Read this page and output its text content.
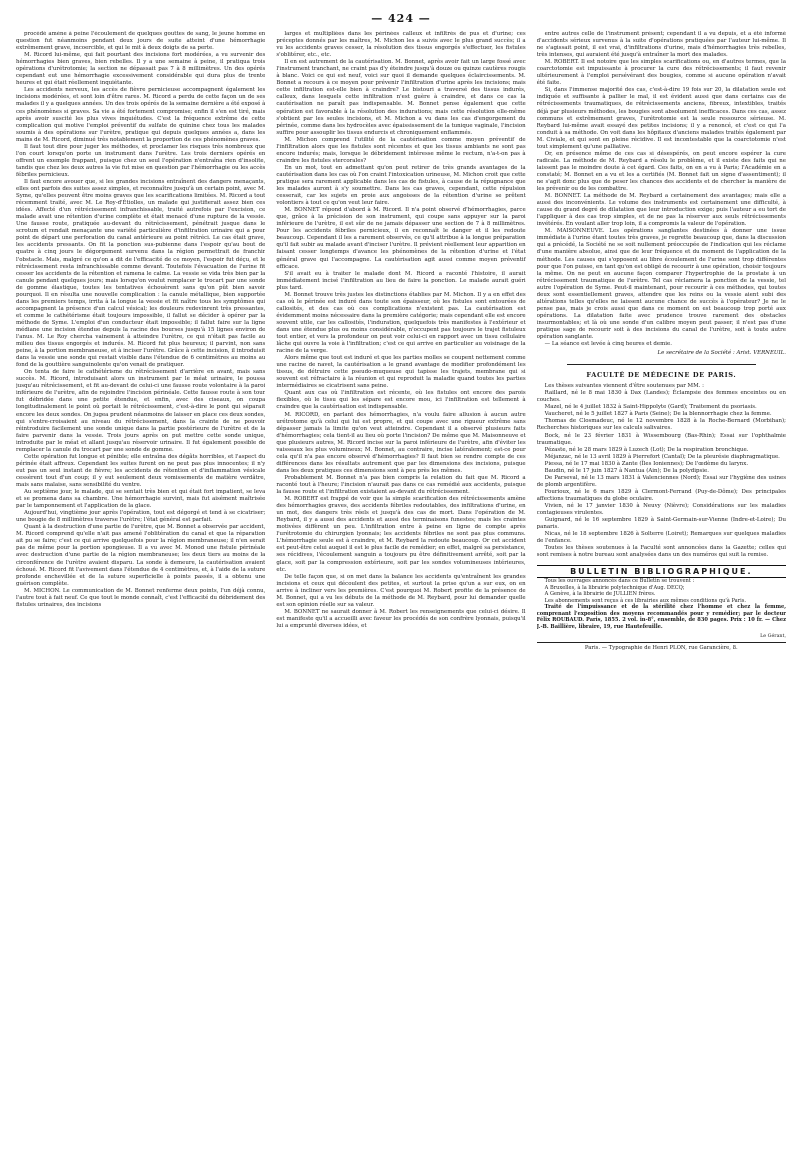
— 424 —

procédé amène à peine l'écoulement de quelques gouttes de sang, le jeune homme en question fut néanmoins pendant deux jours de suite atteint d'une hémorrhagie extrêmement grave, incoercible, et qui le mit à deux doigts de sa perte.

M. Ricord lui-même, qui fait pourtant des incisions fort modérées, a vu survenir des hémorrhagies bien graves, bien rebelles. Il y a une semaine à peine, il pratiqua trois opérations d'urétrotomie; la section ne dépassait pas 7 à 8 millimètres. Un des opérés cependant eut une hémorrhagie excessivement considérable qui dura plus de trente heures et qui était réellement inquiétante.

Les accidents nerveux, les accès de fièvre pernicieuse accompagnent également les incisions modérées, et sont loin d'être rares. M. Ricord a perdu de cette façon un de ses malades il y a quelques années. Un des trois opérés de la semaine dernière a été exposé à ces phénomènes si graves. Sa vie a été fortement compromise; enfin il s'en est tiré, mais après avoir suscité les plus vives inquiétudes. C'est la fréquence extrême de cette complication qui motive l'emploi préventif du sulfate de quinine chez tous les malades soumis à des opérations sur l'urètre, pratique qui depuis quelques années a, dans les mains de M. Ricord, diminué très notablement la proportion de ces phénomènes graves.

Il faut tout dire pour juger les méthodes, et proclamer les risques très nombreux que l'on court lorsqu'on porte un instrument dans l'urètre. Les trois derniers opérés en offrent un exemple frappant, puisque chez un seul l'opération n'entraîna rien d'insolite, tandis que chez les deux autres la vie fut mise en question par l'hémorrhagie ou les accès fébriles pernicieux.

Il faut encore avouer que, si les grandes incisions entraînent des dangers menaçants, elles ont parfois des suites assez simples, et reconnaître jusqu'à un certain point, avec M. Syme, qu'elles peuvent être moins graves que les scarifications limitées. M. Ricord a tout récemment traité, avec M. Le Roy-d'Étiolles, un malade qui justifierait assez bien ces idées. Affecté d'un rétrécissement infranchissable, traité autrefois par l'excision, ce malade avait une rétention d'urine complète et était menacé d'une rupture de la vessie. Une fausse route, pratiquée au-devant du rétrécissement, pénétrait jusque dans le scrotum et rendait menaçante une variété particulière d'infiltration urinaire qui a pour point de départ une perforation du canal antérieure au point rétréci. Le cas était grave, les accidents pressants. On fit la ponction sus-pubienne dans l'espoir qu'au bout de quatre à cinq jours le dégorgement survenu dans la région permettrait de franchir l'obstacle. Mais, malgré ce qu'on a dit de l'efficacité de ce moyen, l'espoir fut déçu, et le rétrécissement resta infranchissable comme devant. Toutefois l'évacuation de l'urine fit cesser les accidents de la rétention et ramena le calme. La vessie se vida très bien par la canule pendant quelques jours; mais lorsqu'on voulut remplacer le trocart par une sonde de gomme élastique, toutes les tentatives échouèrent sans qu'on pût bien savoir pourquoi. Il en résulta une nouvelle complication : la canule métallique, bien supportée dans les premiers temps, irrita à la longue la vessie et fit naître tous les symptômes qui accompagnent la présence d'un calcul vésical; les douleurs redevinrent très pressantes, et comme le cathétérisme était toujours impossible, il fallut se décider à opérer par la méthode de Syme. L'emploi d'un conducteur était impossible; il fallut faire sur la ligne médiane une incision étendue depuis la racine des bourses jusqu'à 15 lignes environ de l'anus. M. Le Roy chercha vainement à atteindre l'urètre, ce qui n'était pas facile au milieu des tissus engorgés et indurés. M. Ricord fut plus heureux; il parvint, non sans peine, à la portion membraneuse, et à inciser l'urètre. Grâce à cette incision, il introduisit dans la vessie une sonde qui restait visible dans l'étendue de 6 centimètres au moins au fond de la gouttière sanguinolente qu'on venait de pratiquer.

On tenta de faire le cathétérisme du rétrécissement d'arrière en avant, mais sans succès. M. Ricord, introduisant alors un instrument par le méat urinaire, le poussa jusqu'au rétrécissement, et fit au-devant de celui-ci une fausse route volontaire à la paroi inférieure de l'urètre, afin de rejoindre l'incision périnéale. Cette fausse route à son tour fut débridée dans une petite étendue, et enfin, avec des ciseaux, on coupa longitudinalement le point où portait le rétrécissement, c'est-à-dire le pont qui séparait encore les deux sondes. On jugea prudent néanmoins de laisser en place ces deux sondes, qui s'entre-croisaient au niveau du rétrécissement, dans la crainte de ne pouvoir réintroduire facilement une sonde unique dans la partie postérieure de l'urètre et de la faire parvenir dans la vessie. Trois jours après on put mettre cette sonde unique, introduite par le méat et allant jusqu'au réservoir urinaire. Il fut également possible de remplacer la canule du trocart par une sonde de gomme.

Cette opération fut longue et pénible; elle entraîna des dégâts horribles, et l'aspect du périnée était affreux. Cependant les suites furent on ne peut pas plus innocentes; il n'y eut pas un seul instant de fièvre; les accidents de rétention et d'inflammation vésicale cessèrent tout d'un coup; il y eut seulement deux vomissements de matière verdâtre, mais sans malaise, sans sensibilité du ventre.

Au septième jour, le malade, qui se sentait très bien et qui était fort impatient, se leva et se promena dans sa chambre. Une hémorrhagie survint, mais fut aisément maîtrisée par le tamponnement et l'application de la glace.

Aujourd'hui, vingtième jour après l'opération, tout est dégorgé et tend à se cicatriser; une bougie de 8 millimètres traverse l'urètre; l'état général est parfait.

Quant à la destruction d'une partie de l'urètre, que M. Bonnet a observée par accident, M. Ricord comprend qu'elle n'ait pas amené l'oblitération du canal et que la réparation ait pu se faire; c'est ce qui arrive quelquefois pour la région membraneuse; il n'en serait pas de même pour la portion spongieuse. Il a vu avec M. Monod une fistule périnéale avec destruction d'une partie de la région membraneuse; les deux tiers au moins de la circonférence de l'urètre avaient disparu. La sonde à demeure, la cautérisation avaient échoué. M. Ricord fit l'avivement dans l'étendue de 4 centimètres, et, à l'aide de la suture profonde enchevillée et de la suture superficielle à points passés, il a obtenu une guérison complète.

M. MICHON. Le communication de M. Bonnet renferme deux points, l'un déjà connu, l'autre tout à fait neuf. Ce que tout le monde connaît, c'est l'efficacité du débridement des fistules urinaires, des incisions

larges et multipliées dans les périnées calleux et infiltrés de pus et d'urine; ces préceptes donnés par les maîtres, M. Michon les a suivis avec le plus grand succès; il a vu les accidents graves cesser, la résolution des tissus engorgés s'effectuer, les fistules s'oblitérer, etc., etc.

Il en est autrement de la cautérisation. M. Bonnet, après avoir fait un large fossé avec l'instrument tranchant, ne craint pas d'y éteindre jusqu'à douze ou quinze cautères rougis à blanc. Voici ce qui est neuf, voici sur quoi il demande quelques éclaircissements. M. Bonnet a recours à ce moyen pour prévenir l'infiltration d'urine après les incisions; mais cette infiltration est-elle bien à craindre? Le bistouri a traversé des tissus indurés, calleux, dans lesquels cette infiltration n'est guère à craindre, et dans ce cas la cautérisation ne paraît pas indispensable. M. Bonnet pense également que cette opération est favorable à la résolution des indurations; mais cette résolution elle-même s'obtient par les seules incisions, et M. Michon a vu dans les cas d'engorgement du périnée, comme dans les hydrocèles avec épaississement de la tunique vaginale, l'incision suffire pour assouplir les tissus endurcis et chroniquement enflammés.

M. Michon comprend l'utilité de la cautérisation comme moyen préventif de l'infiltration alors que les fistules sont récentes et que les tissus ambiants ne sont pas encore indurés; mais, lorsque le débridement intéresse même le rectum, n'a-t-on pas à craindre les fistules stercorales?

En un mot, tout en admettant qu'on peut retirer de très grands avantages de la cautérisation dans les cas où l'on craint l'intoxication urineuse, M. Michon croit que cette pratique sera rarement applicable dans les cas de fistules, à cause de la répugnance que les malades auront à s'y soumettre. Dans les cas graves, cependant, cette répulsion cesserait, car les sujets en proie aux angoisses de la rétention d'urine se prêtent volontiers à tout ce qu'on veut leur faire.

M. BONNET répond d'abord à M. Ricord. Il n'a point observé d'hémorrhagies, parce que, grâce à la précision de son instrument, qui coupe sans appuyer sur la paroi inférieure de l'urètre, il est sûr de ne jamais dépasser une section de 7 à 8 millimètres. Pour les accidents fébriles pernicieux, il en reconnaît le danger et il les redoute beaucoup. Cependant il les a rarement observés, ce qu'il attribue à la longue préparation qu'il fait subir au malade avant d'inciser l'urètre. Il prévient réellement leur apparition en faisant cesser longtemps d'avance les phénomènes de la rétention d'urine et l'état général grave qui l'accompagne. La cautérisation agit aussi comme moyen préventif efficace.

S'il avait eu à traiter le malade dont M. Ricord a raconté l'histoire, il aurait immédiatement incisé l'infiltration au lieu de faire la ponction. Le malade aurait guéri plus tard.

M. Bonnet trouve très justes les distinctions établies par M. Michon. Il y a en effet des cas où le périnée est induré dans toute son épaisseur, où les fistules sont entourées de callosités, et des cas où ces complications n'existent pas. La cautérisation est évidemment moins nécessaire dans la première catégorie; mais cependant elle est encore souvent utile, car les callosités, l'induration, quelquefois très manifestes à l'extérieur et dans une étendue plus ou moins considérable, n'occupent pas toujours le trajet fistuleux tout entier, et vers la profondeur on peut voir celui-ci en rapport avec un tissu cellulaire lâche qui ouvre la voie à l'infiltration; c'est ce qui arrive en particulier au voisinage de la racine de la verge.

Alors même que tout est induré et que les parties molles se coupent nettement comme une racine de navet, la cautérisation a le grand avantage de modifier profondément les tissus, de détruire cette pseudo-muqueuse qui tapisse les trajets, membrane qui si souvent est réfractaire à la réunion et qui reproduit la maladie quand toutes les parties intermédiaires se cicatrisent sans peine.

Quant aux cas où l'infiltration est récente, où les fistules ont encore des parois flexibles, où le tissu qui les sépare est encore mou, ici l'infiltration est tellement à craindre que la cautérisation est indispensable.

M. RICORD, en parlant des hémorrhagies, n'a voulu faire allusion à aucun autre urétrotome qu'à celui qui lui est propre, et qui coupe avec une rigueur extrême sans dépasser jamais la limite qu'on veut atteindre. Cependant il a observé plusieurs faits d'hémorrhagies; cela tient-il au lieu où porte l'incision? De même que M. Maisonneuve et que plusieurs autres, M. Ricord incise sur la paroi inférieure de l'urètre, afin d'éviter les vaisseaux les plus volumineux; M. Bonnet, au contraire, incise latéralement; est-ce pour cela qu'il n'a pas encore observé d'hémorrhagies? Il faut bien se rendre compte de ces différences dans les résultats autrement que par les dimensions des incisions, puisque dans les deux pratiques ces dimensions sont à peu près les mêmes.

Probablement M. Bonnet n'a pas bien compris la relation du fait que M. Ricord a raconté tout à l'heure; l'incision n'aurait pas dans ce cas remédié aux accidents, puisque la fausse route et l'infiltration existaient au-devant du rétrécissement.

M. ROBERT est frappé de voir que la simple scarification des rétrécissements amène des hémorrhagies graves, des accidents fébriles redoutables, des infiltrations d'urine, en un mot, des dangers très réels et jusqu'à des cas de mort. Dans l'opération de M. Reybard, il y a aussi des accidents et aussi des terminaisons funestes; mais les craintes motivées diffèrent un peu. L'infiltration entre à peine en ligne de compte après l'urétrotomie du chirurgien lyonnais; les accidents fébriles ne sont pas plus communs. L'hémorrhagie seule est à craindre, et M. Reybard la redoute beaucoup. Or cet accident est peut-être celui auquel il est le plus facile de remédier; en effet, malgré sa persistance, ses récidives, l'écoulement sanguin a toujours pu être définitivement arrêté, soit par la glace, soit par la compression extérieure, soit par les sondes volumineuses intérieures, etc.

De telle façon que, si on met dans la balance les accidents qu'entraînent les grandes incisions et ceux qui découlent des petites, et surtout la prise qu'un a sur eux, on en arrive à incliner vers les premières. C'est pourquoi M. Robert profite de la présence de M. Bonnet, qui a vu les débuts de la méthode de M. Reybard, pour lui demander quelle est son opinion réelle sur sa valeur.

M. BONNET ne saurait donner à M. Robert les renseignements que celui-ci désire. Il est manifeste qu'il a accueilli avec faveur les procédés de son confrère lyonnais, puisqu'il lui a emprunté diverses idées, et

entre autres celle de l'instrument présent; cependant il a vu depuis, et a été informé d'accidents sérieux survenus à la suite d'opérations pratiquées par l'auteur lui-même. Il ne s'agissait point, il est vrai, d'infiltrations d'urine, mais d'hémorrhagies très rebelles, très intenses, qui auraient été jusqu'à entraîner la mort des malades.

M. ROBERT. Il est notoire que les simples scarifications ou, en d'autres termes, que la coarctotomie est impuissante à procurer la cure des rétrécissements; il faut revenir ultérieurement à l'emploi persévérant des bougies, comme si aucune opération n'avait été faite.

Si, dans l'immense majorité des cas, c'est-à-dire 19 fois sur 20, la dilatation seule est indiquée et suffisante à pallier le mal, il est évident aussi que dans certains cas de rétrécissements traumatiques, de rétrécissements anciens, fibreux, intextibles, traités déjà par plusieurs méthodes, les bougies sont absolument inefficaces. Dans ces cas, assez communs et extrêmement graves, l'urétrotomie est la seule ressource sérieuse. M. Reybard lui-même avait essayé des petites incisions; il y a renoncé, et c'est ce qui l'a conduit à sa méthode. On voit dans les hôpitaux d'anciens malades traités également par M. Civiale, et qui sont en pleine récidive. Il est incontestable que la coarctotomie n'est tout simplement qu'une palliative.

Or, en présence même de ces cas si désespérés, on peut encore espérer la cure radicale. La méthode de M. Reybard a résolu le problème, et il existe des faits qui ne laissent pas le moindre doute à cet égard. Ces faits, on en a vu à Paris; l'Académie en a constaté; M. Bonnet en a vu et les a certifiés (M. Bonnet fait un signe d'assentiment); il ne s'agit donc plus que de peser les chances des accidents et de chercher la manière de les prévenir ou de les combattre.

M. BONNET. La méthode de M. Reybard a certainement des avantages; mais elle a aussi des inconvénients. Le volume des instruments est certainement une difficulté, à cause du grand degré de dilatation que leur introduction exige; puis l'auteur a eu tort de l'appliquer à des cas trop simples, et de ne pas la réserver aux seuls rétrécissements invétérés. En voulant aller trop loin, il a compromis la valeur de l'opération.

M. MAISONNEUVE. Les opérations sanglantes destinées à donner une issue immédiate à l'urine étant toutes très graves, je regrette beaucoup que, dans la discussion qui a précédé, la Société ne se soit nullement préoccupée de l'indication qui les réclame d'une manière absolue, ainsi que de leur fréquence et du moment de l'application de la méthode. Les causes qui s'opposent au libre écoulement de l'urine sont trop différentes pour que l'on puisse, en tant qu'on est obligé de recourir à une opération, choisir toujours la même. On ne peut en aucune façon comparer l'hypertrophie de la prostate à un rétrécissement traumatique de l'urètre. Tel cas réclamera la ponction de la vessie, tel autre l'opération de Syme. Peut-il maintenant, pour recourir à ces méthodes, qui toutes deux sont essentiellement graves, attendre que les reins ou la vessie aient subi des altérations telles qu'elles ne laissent aucune chance de succès à l'opérateur? Je ne le pense pas, mais je crois aussi que dans ce moment on est beaucoup trop porté aux opérations. La dilatation faite avec prudence trouve rarement des obstacles insurmontables; et là où une sonde d'un calibre moyen peut passer, il n'est pas d'une pratique sage de recourir soit à des incisions du canal de l'urètre, soit à toute autre opération sanglante.

— La séance est levée à cinq heures et demie.

Le secrétaire de la Société : Arist. VERNEUIL.
FACULTÉ DE MÉDECINE DE PARIS.

Les thèses suivantes viennent d'être soutenues par MM. :

Raillard, né le 8 mai 1830 à Dax (Landes); Éclampsie des femmes enceintes ou en couches.

Mazel, né le 4 juillet 1832 à Saint-Hippolyte (Gard); Traitement du psoriasis.

Vaucheret, né le 5 juillet 1827 à Paris (Seine); De la blennorrhagie chez la femme.

Thomas de Closmadeuc, né le 12 novembre 1828 à la Roche-Bernard (Morbihan); Recherches historiques sur les calculs salivaires.

Bock, né le 23 février 1831 à Wissembourg (Bas-Rhin); Essai sur l'ophthalmie traumatique.

Pézaste, né le 28 mars 1829 à Luzech (Lot); De la respiration bronchique.

Méjanzac, né le 13 avril 1829 à Pierrefort (Cantal); De la pleurésie diaphragmatique.

Piessa, né le 17 mai 1830 à Zante (Îles Ioniennes); De l'œdème du larynx.

Baudin, né le 17 juin 1827 à Nantua (Ain); De la polydipsie.

De Parseval, né le 13 mars 1831 à Valenciennes (Nord); Essai sur l'hygiène des usines de plomb argentifère.

Fourioux, né le 6 mars 1829 à Clermont-Ferrand (Puy-de-Dôme); Des principales affections traumatiques du globe oculaire.

Vivien, né le 17 janvier 1830 à Neuvy (Nièvre); Considérations sur les maladies contagieuses virulentes.

Guignard, né le 16 septembre 1829 à Saint-Germain-sur-Vienne (Indre-et-Loire); Du panaris.

Nicas, né le 18 septembre 1826 à Solterre (Loiret); Remarques sur quelques maladies de l'enfance.

Toutes les thèses soutenues à la Faculté sont annoncées dans la Gazette; celles qui sont remises à notre bureau sont analysées dans un des numéros qui suit la remise.

BULLETIN BIBLIOGRAPHIQUE.

Tous les ouvrages annoncés dans ce Bulletin se trouvent :

A Bruxelles, à la librairie polytechnique d'Aug. DECQ;

A Genève, à la librairie de JULLIEN frères.

Les abonnements sont reçus à ces librairies aux mêmes conditions qu'à Paris.

Traité de l'impuissance et de la stérilité chez l'homme et chez la femme, comprenant l'exposition des moyens recommandés pour y remédier; par le docteur Félix ROUBAUD. Paris, 1855. 2 vol. in-8°, ensemble, de 830 pages. Prix : 10 fr. — Chez J.-B. Baillière, libraire, 19, rue Hautefeuille.

Le Gérant,
Paris. — Typographie de Henri PLON, rue Garancière, 8.
